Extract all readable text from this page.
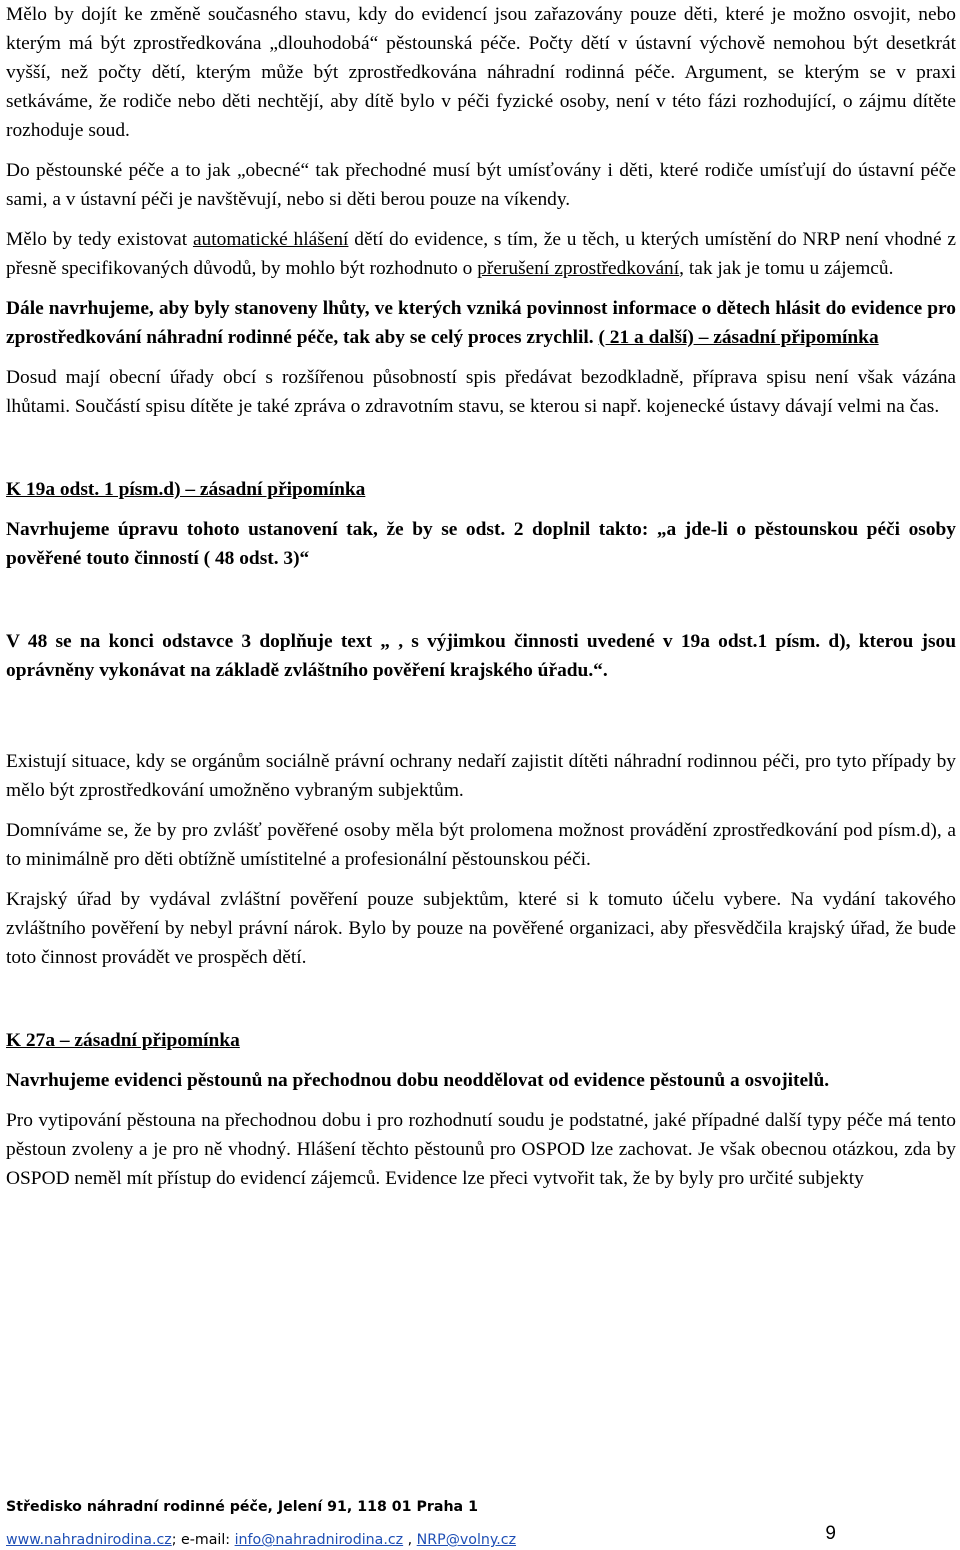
Mělo by dojít ke změně současného stavu, kdy do evidencí jsou zařazovány pouze děti, které je možno osvojit, nebo kterým má být zprostředkována „dlouhodobá“ pěstounská péče. Počty dětí v ústavní výchově nemohou být desetkrát vyšší, než počty dětí, kterým může být zprostředkována náhradní rodinná péče. Argument, se kterým se v praxi setkáváme, že rodiče nebo děti nechtějí, aby dítě bylo v péči fyzické osoby, není v této fázi rozhodující, o zájmu dítěte rozhoduje soud.

Do pěstounské péče a to jak „obecné“ tak přechodné musí být umísťovány i děti, které rodiče umísťují do ústavní péče sami, a v ústavní péči je navštěvují, nebo si děti berou pouze na víkendy.

Mělo by tedy existovat automatické hlášení dětí do evidence, s tím, že u těch, u kterých umístění do NRP není vhodné z přesně specifikovaných důvodů, by mohlo být rozhodnuto o přerušení zprostředkování, tak jak je tomu u zájemců.

Dále navrhujeme, aby byly stanoveny lhůty, ve kterých vzniká povinnost informace o dětech hlásit do evidence pro zprostředkování náhradní rodinné péče, tak aby se celý proces zrychlil. ( 21 a další) – zásadní připomínka

Dosud mají obecní úřady obcí s rozšířenou působností spis předávat bezodkladně, příprava spisu není však vázána lhůtami. Součástí spisu dítěte je také zpráva o zdravotním stavu, se kterou si např. kojenecké ústavy dávají velmi na čas.

K 19a odst. 1 písm.d) – zásadní připomínka

Navrhujeme úpravu tohoto ustanovení tak, že by se odst. 2 doplnil takto: „a jde-li o pěstounskou péči osoby pověřené touto činností ( 48 odst. 3)“

V 48 se na konci odstavce 3 doplňuje text „ , s výjimkou činnosti uvedené v 19a odst.1 písm. d), kterou jsou oprávněny vykonávat na základě zvláštního pověření krajského úřadu.“.

Existují situace, kdy se orgánům sociálně právní ochrany nedaří zajistit dítěti náhradní rodinnou péči, pro tyto případy by mělo být zprostředkování umožněno vybraným subjektům.

Domníváme se, že by pro zvlášť pověřené osoby měla být prolomena možnost provádění zprostředkování pod písm.d), a to minimálně pro děti obtížně umístitelné a profesionální pěstounskou péči.

Krajský úřad by vydával zvláštní pověření pouze subjektům, které si k tomuto účelu vybere. Na vydání takového zvláštního pověření by nebyl právní nárok. Bylo by pouze na pověřené organizaci, aby přesvědčila krajský úřad, že bude toto činnost provádět ve prospěch dětí.

K 27a – zásadní připomínka

Navrhujeme evidenci pěstounů na přechodnou dobu neoddělovat od evidence pěstounů a osvojitelů.

Pro vytipování pěstouna na přechodnou dobu i pro rozhodnutí soudu je podstatné, jaké případné další typy péče má tento pěstoun zvoleny a je pro ně vhodný. Hlášení těchto pěstounů pro OSPOD lze zachovat. Je však obecnou otázkou, zda by OSPOD neměl mít přístup do evidencí zájemců. Evidence lze přeci vytvořit tak, že by byly pro určité subjekty

Středisko náhradní rodinné péče, Jelení 91, 118 01 Praha 1
www.nahradnirodina.cz; e-mail: info@nahradnirodina.cz , NRP@volny.cz	9
